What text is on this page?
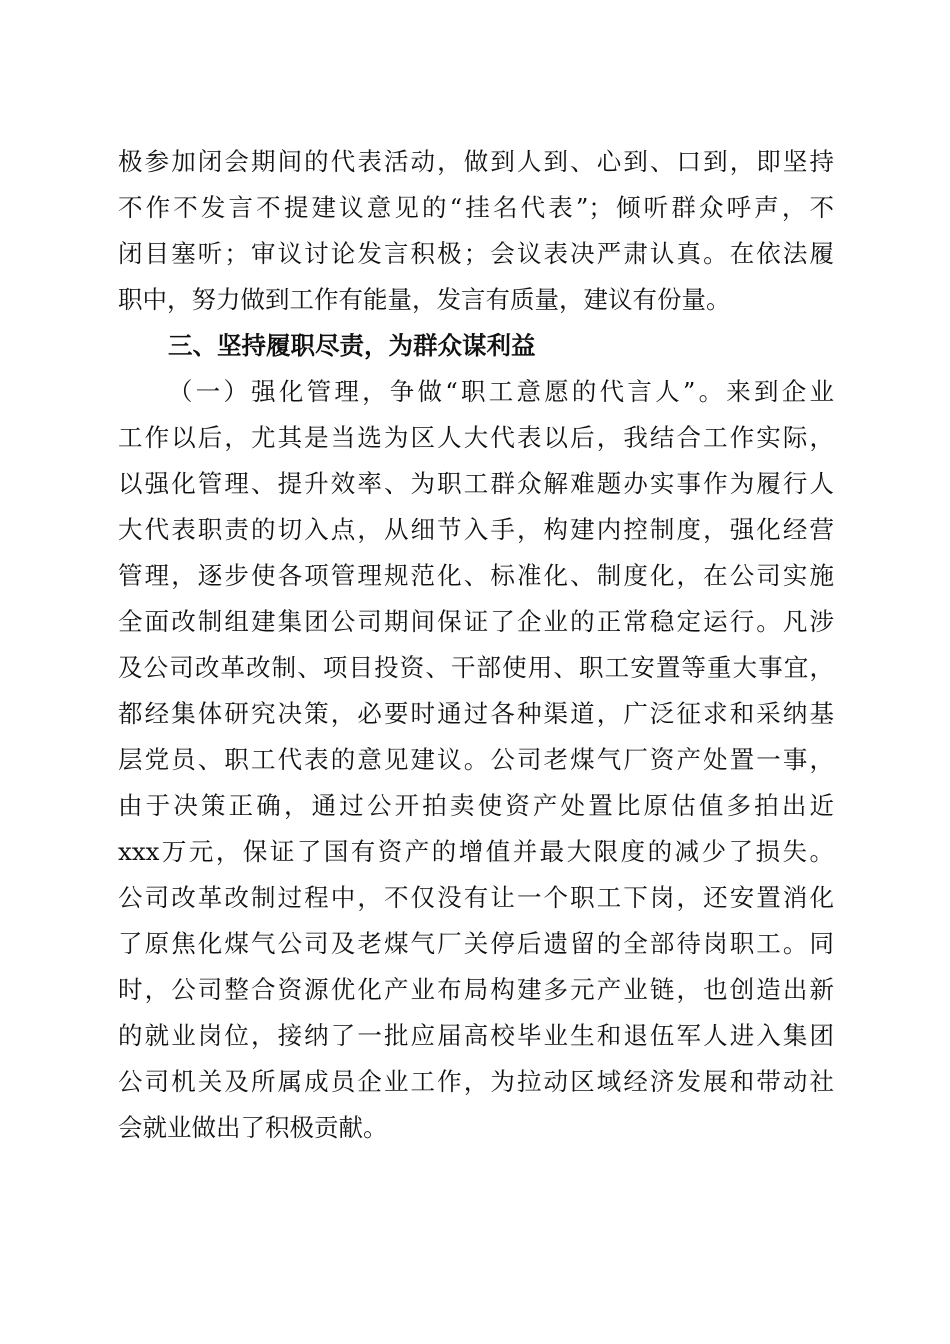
极参加闭会期间的代表活动，做到人到、心到、口到，即坚持
不作不发言不提建议意见的“挂名代表”；倾听群众呼声，不
闭目塞听；审议讨论发言积极；会议表决严肃认真。在依法履
职中，努力做到工作有能量，发言有质量，建议有份量。
三、坚持履职尽责，为群众谋利益
（一）强化管理，争做“职工意愿的代言人”。来到企业
工作以后，尤其是当选为区人大代表以后，我结合工作实际，
以强化管理、提升效率、为职工群众解难题办实事作为履行人
大代表职责的切入点，从细节入手，构建内控制度，强化经营
管理，逐步使各项管理规范化、标准化、制度化，在公司实施
全面改制组建集团公司期间保证了企业的正常稳定运行。凡涉
及公司改革改制、项目投资、干部使用、职工安置等重大事宜，
都经集体研究决策，必要时通过各种渠道，广泛征求和采纳基
层党员、职工代表的意见建议。公司老煤气厂资产处置一事，
由于决策正确，通过公开拍卖使资产处置比原估值多拍出近
xxx万元，保证了国有资产的增值并最大限度的减少了损失。
公司改革改制过程中，不仅没有让一个职工下岗，还安置消化
了原焦化煤气公司及老煤气厂关停后遗留的全部待岗职工。同
时，公司整合资源优化产业布局构建多元产业链，也创造出新
的就业岗位，接纳了一批应届高校毕业生和退伍军人进入集团
公司机关及所属成员企业工作，为拉动区域经济发展和带动社
会就业做出了积极贡献。
